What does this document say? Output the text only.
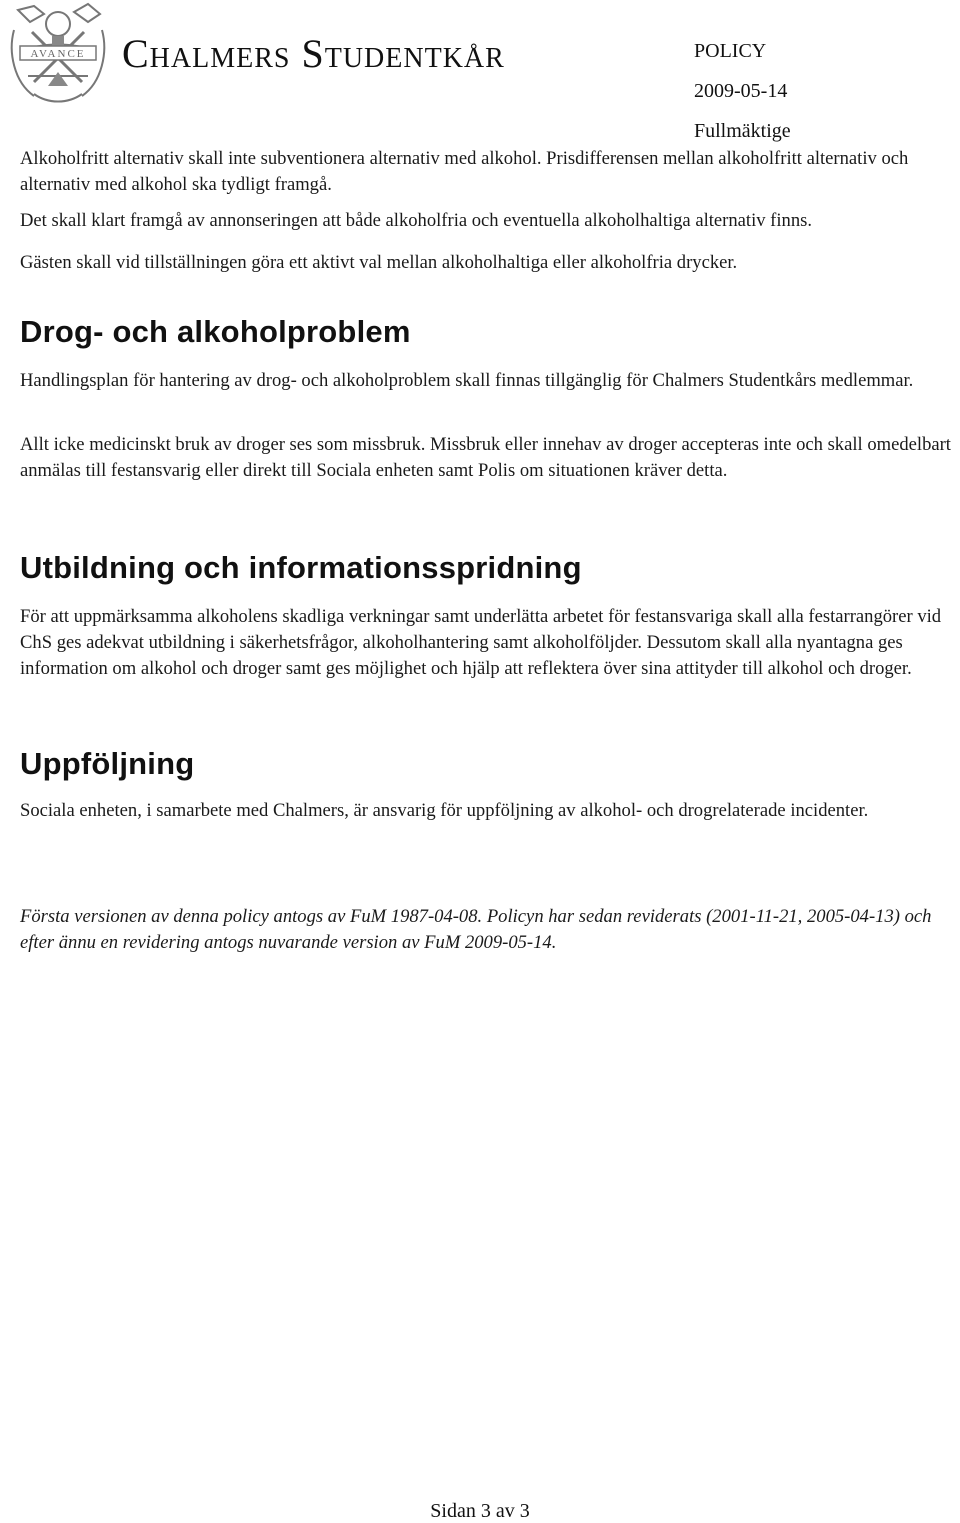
AVANCE Chalmers Studentkår	POLICY
2009-05-14
Fullmäktige

Alkoholfritt alternativ skall inte subventionera alternativ med alkohol. Prisdifferensen mellan alkoholfritt alternativ och alternativ med alkohol ska tydligt framgå.

Det skall klart framgå av annonseringen att både alkoholfria och eventuella alkoholhaltiga alternativ finns.

Gästen skall vid tillställningen göra ett aktivt val mellan alkoholhaltiga eller alkoholfria drycker.

Drog- och alkoholproblem

Handlingsplan för hantering av drog- och alkoholproblem skall finnas tillgänglig för Chalmers Studentkårs medlemmar.

Allt icke medicinskt bruk av droger ses som missbruk. Missbruk eller innehav av droger accepteras inte och skall omedelbart anmälas till festansvarig eller direkt till Sociala enheten samt Polis om situationen kräver detta.

Utbildning och informationsspridning

För att uppmärksamma alkoholens skadliga verkningar samt underlätta arbetet för festansvariga skall alla festarrangörer vid ChS ges adekvat utbildning i säkerhetsfrågor, alkoholhantering samt alkoholföljder. Dessutom skall alla nyantagna ges information om alkohol och droger samt ges möjlighet och hjälp att reflektera över sina attityder till alkohol och droger.

Uppföljning

Sociala enheten, i samarbete med Chalmers, är ansvarig för uppföljning av alkohol- och drogrelaterade incidenter.

Första versionen av denna policy antogs av FuM 1987-04-08. Policyn har sedan reviderats (2001-11-21, 2005-04-13) och efter ännu en revidering antogs nuvarande version av FuM 2009-05-14.

Sidan 3 av 3
